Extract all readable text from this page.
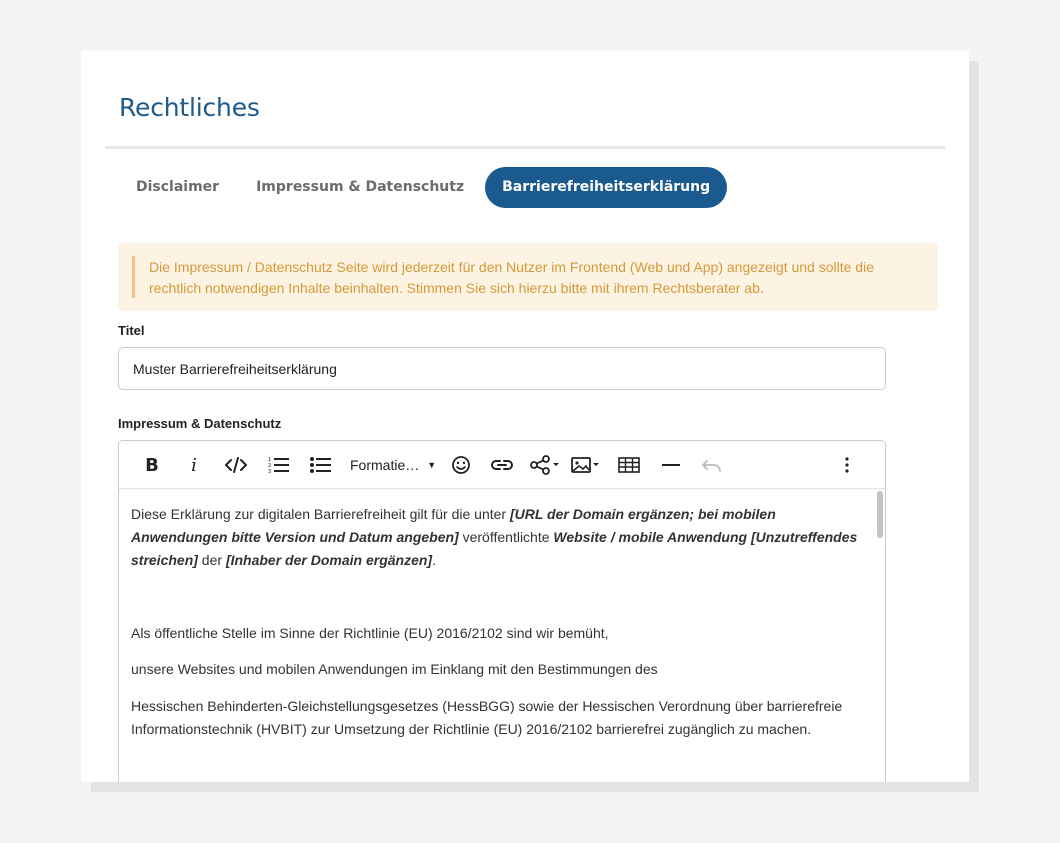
Rechtliches
Disclaimer	Impressum & Datenschutz	Barrierefreiheitserklärung
Die Impressum / Datenschutz Seite wird jederzeit für den Nutzer im Frontend (Web und App) angezeigt und sollte die rechtlich notwendigen Inhalte beinhalten. Stimmen Sie sich hierzu bitte mit ihrem Rechtsberater ab.
Titel
Muster Barrierefreiheitserklärung
Impressum & Datenschutz
B	i	1
2
3	Formatie… ▼

Diese Erklärung zur digitalen Barrierefreiheit gilt für die unter [URL der Domain ergänzen; bei mobilen Anwendungen bitte Version und Datum angeben] veröffentlichte Website / mobile Anwendung [Unzutreffendes streichen] der [Inhaber der Domain ergänzen].

Als öffentliche Stelle im Sinne der Richtlinie (EU) 2016/2102 sind wir bemüht,

unsere Websites und mobilen Anwendungen im Einklang mit den Bestimmungen des

Hessischen Behinderten-Gleichstellungsgesetzes (HessBGG) sowie der Hessischen Verordnung über barrierefreie Informationstechnik (HVBIT) zur Umsetzung der Richtlinie (EU) 2016/2102 barrierefrei zugänglich zu machen.
